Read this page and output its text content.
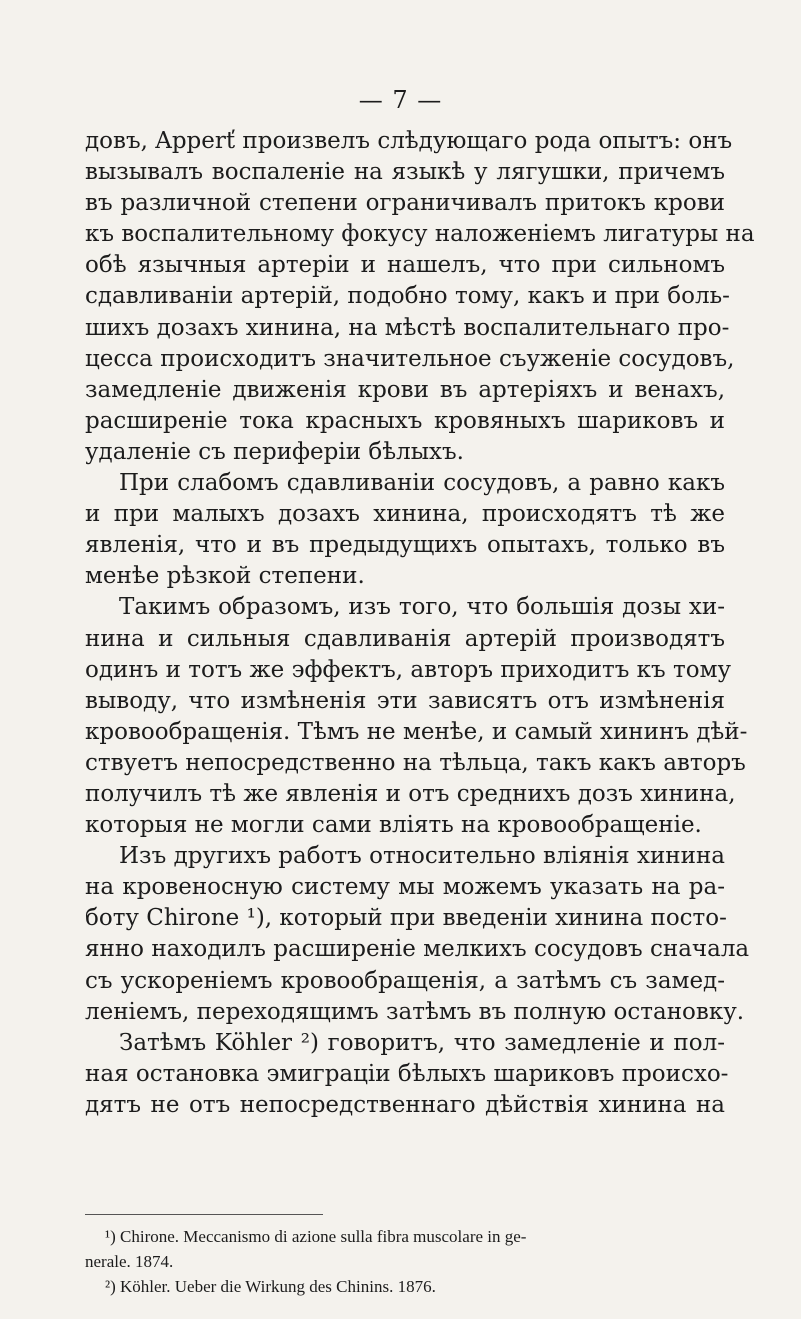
— 7 —
довъ, Apperť произвелъ слѣдующаго рода опытъ: онъ
вызывалъ воспаленіе на языкѣ у лягушки, причемъ
въ различной степени ограничивалъ притокъ крови
къ воспалительному фокусу наложеніемъ лигатуры на
обѣ язычныя артеріи и нашелъ, что при сильномъ
сдавливаніи артерій, подобно тому, какъ и при боль-
шихъ дозахъ хинина, на мѣстѣ воспалительнаго про-
цесса происходитъ значительное съуженіе сосудовъ,
замедленіе движенія крови въ артеріяхъ и венахъ,
расширеніе тока красныхъ кровяныхъ шариковъ и
удаленіе съ периферіи бѣлыхъ.
При слабомъ сдавливаніи сосудовъ, а равно какъ
и при малыхъ дозахъ хинина, происходятъ тѣ же
явленія, что и въ предыдущихъ опытахъ, только въ
менѣе рѣзкой степени.
Такимъ образомъ, изъ того, что большія дозы хи-
нина и сильныя сдавливанія артерій производятъ
одинъ и тотъ же эффектъ, авторъ приходитъ къ тому
выводу, что измѣненія эти зависятъ отъ измѣненія
кровообращенія. Тѣмъ не менѣе, и самый хининъ дѣй-
ствуетъ непосредственно на тѣльца, такъ какъ авторъ
получилъ тѣ же явленія и отъ среднихъ дозъ хинина,
которыя не могли сами вліять на кровообращеніе.
Изъ другихъ работъ относительно вліянія хинина
на кровеносную систему мы можемъ указать на ра-
боту Chirone ¹), который при введеніи хинина посто-
янно находилъ расширеніе мелкихъ сосудовъ сначала
съ ускореніемъ кровообращенія, а затѣмъ съ замед-
леніемъ, переходящимъ затѣмъ въ полную остановку.
Затѣмъ Köhler ²) говоритъ, что замедленіе и пол-
ная остановка эмиграціи бѣлыхъ шариковъ происхо-
дятъ не отъ непосредственнаго дѣйствія хинина на
¹) Chirone. Meccanismo di azione sulla fibra muscolare in ge-
nerale. 1874.
²) Köhler. Ueber die Wirkung des Chinins. 1876.
